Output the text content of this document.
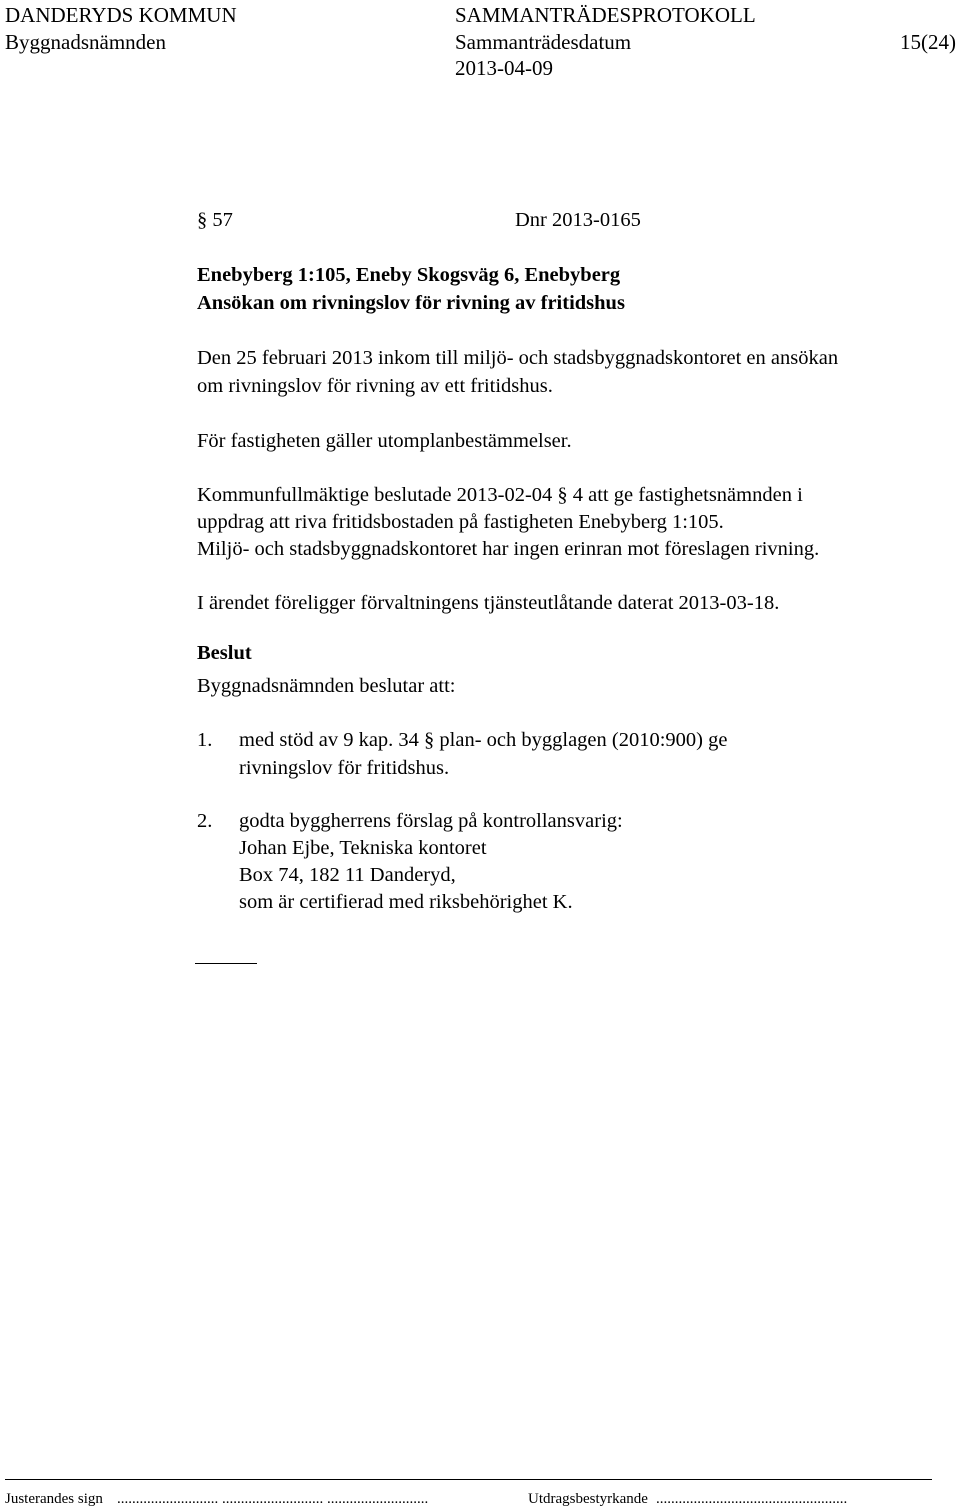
DANDERYDS KOMMUN	SAMMANTRÄDESPROTOKOLL
Byggnadsnämnden	Sammanträdesdatum	15(24)
2013-04-09
§ 57	Dnr 2013-0165
Enebyberg 1:105, Eneby Skogsväg 6, Enebyberg
Ansökan om rivningslov för rivning av fritidshus
Den 25 februari 2013 inkom till miljö- och stadsbyggnadskontoret en ansökan
om rivningslov för rivning av ett fritidshus.
För fastigheten gäller utomplanbestämmelser.
Kommunfullmäktige beslutade 2013-02-04 § 4 att ge fastighetsnämnden i
uppdrag att riva fritidsbostaden på fastigheten Enebyberg 1:105.
Miljö- och stadsbyggnadskontoret har ingen erinran mot föreslagen rivning.
I ärendet föreligger förvaltningens tjänsteutlåtande daterat 2013-03-18.
Beslut
Byggnadsnämnden beslutar att:
1. med stöd av 9 kap. 34 § plan- och bygglagen (2010:900) ge
rivningslov för fritidshus.
2. godta byggherrens förslag på kontrollansvarig:
Johan Ejbe, Tekniska kontoret
Box 74, 182 11 Danderyd,
som är certifierad med riksbehörighet K.
Justerandes sign ........................... ........................... ...........................	Utdragsbestyrkande ...................................................
